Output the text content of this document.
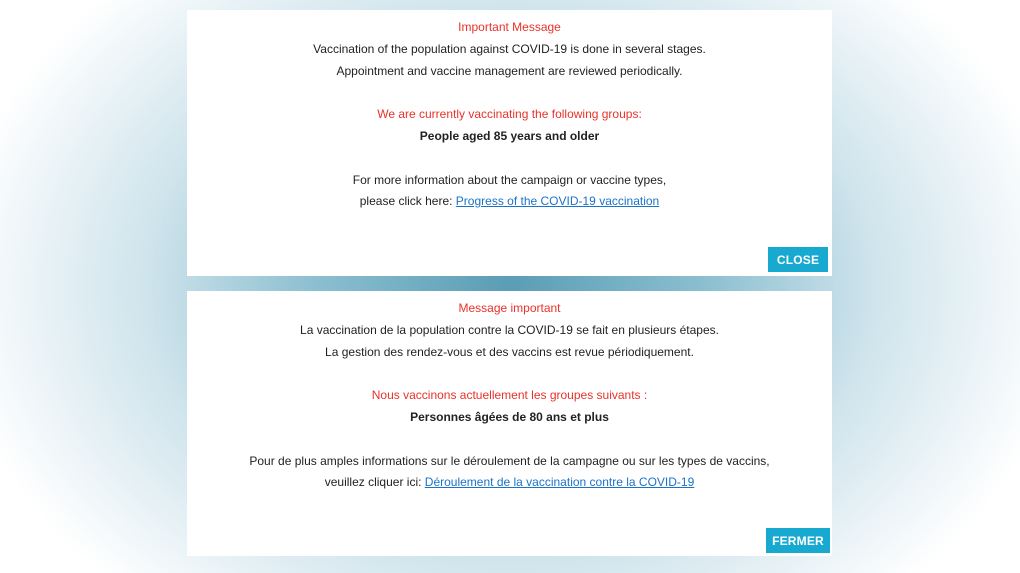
Important Message
Vaccination of the population against COVID-19 is done in several stages.
Appointment and vaccine management are reviewed periodically.
We are currently vaccinating the following groups:
People aged 85 years and older
For more information about the campaign or vaccine types,
please click here: Progress of the COVID-19 vaccination
CLOSE
Message important
La vaccination de la population contre la COVID-19 se fait en plusieurs étapes.
La gestion des rendez-vous et des vaccins est revue périodiquement.
Nous vaccinons actuellement les groupes suivants :
Personnes âgées de 80 ans et plus
Pour de plus amples informations sur le déroulement de la campagne ou sur les types de vaccins,
veuillez cliquer ici: Déroulement de la vaccination contre la COVID-19
FERMER
